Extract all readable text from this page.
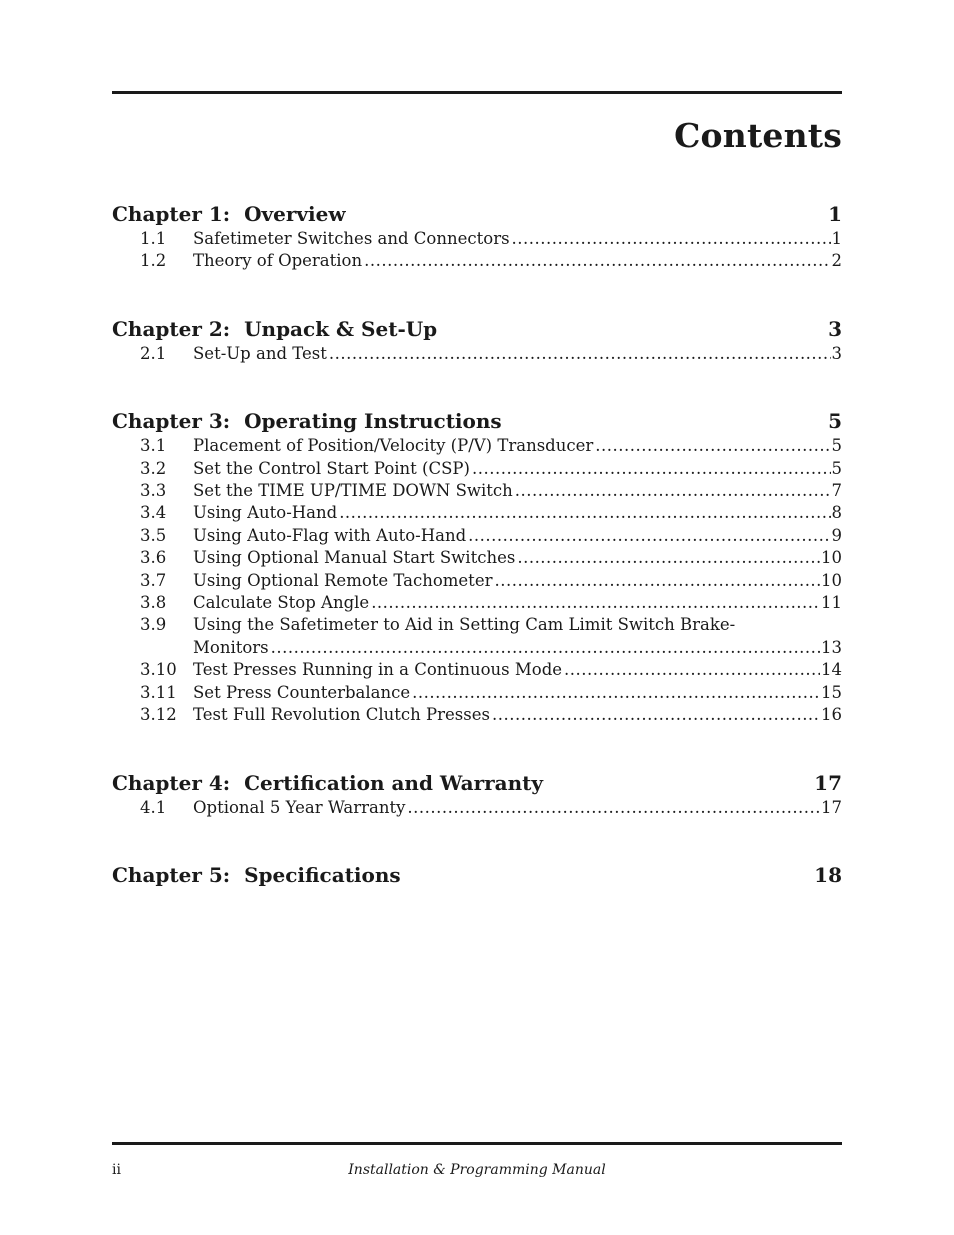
Contents
Chapter 1:  Overview	1
1.1	Safetimeter Switches and Connectors .....	1
1.2	Theory of Operation .....	2
Chapter 2:  Unpack & Set-Up	3
2.1	Set-Up and Test .....	3
Chapter 3:  Operating Instructions	5
3.1	Placement of Position/Velocity (P/V) Transducer .....	5
3.2	Set the Control Start Point (CSP) .....	5
3.3	Set the TIME UP/TIME DOWN Switch .....	7
3.4	Using Auto-Hand .....	8
3.5	Using Auto-Flag with Auto-Hand .....	9
3.6	Using Optional Manual Start Switches .....	10
3.7	Using Optional Remote Tachometer .....	10
3.8	Calculate Stop Angle .....	11
3.9	Using the Safetimeter to Aid in Setting Cam Limit Switch Brake-
Monitors .....	13
3.10 Test Presses Running in a Continuous Mode .....	14
3.11 Set Press Counterbalance .....	15
3.12 Test Full Revolution Clutch Presses .....	16
Chapter 4:  Certification and Warranty	17
4.1	Optional 5 Year Warranty .....	17
Chapter 5:  Specifications	18
ii	Installation & Programming Manual
